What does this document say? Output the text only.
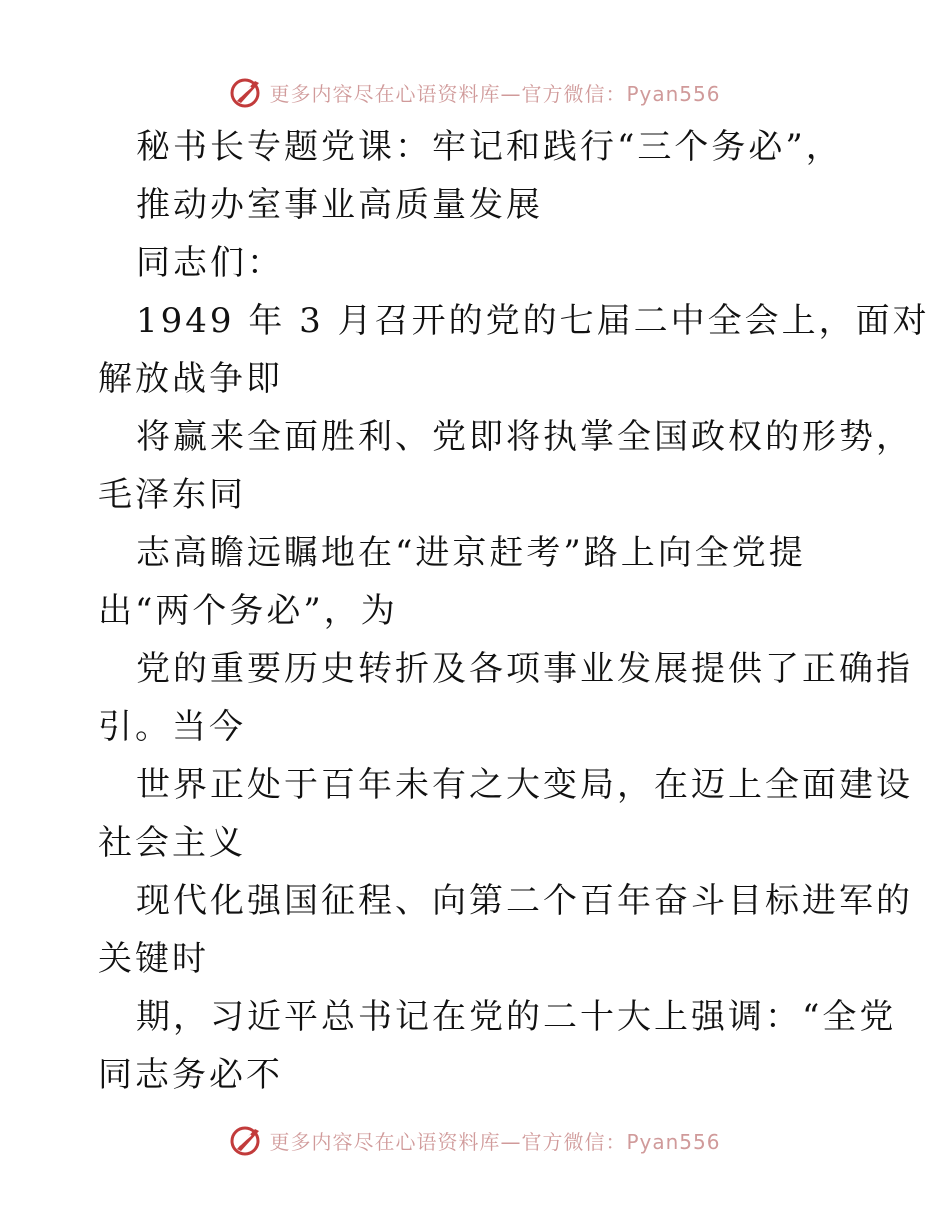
更多内容尽在心语资料库—官方微信：Pyan556
秘书长专题党课：牢记和践行“三个务必”，
推动办室事业高质量发展
同志们：
1949 年 3 月召开的党的七届二中全会上，面对
解放战争即
将赢来全面胜利、党即将执掌全国政权的形势，
毛泽东同
志高瞻远瞩地在“进京赶考”路上向全党提
出“两个务必”，为
党的重要历史转折及各项事业发展提供了正确指
引。当今
世界正处于百年未有之大变局，在迈上全面建设
社会主义
现代化强国征程、向第二个百年奋斗目标进军的
关键时
期，习近平总书记在党的二十大上强调：“全党
同志务必不
更多内容尽在心语资料库—官方微信：Pyan556
